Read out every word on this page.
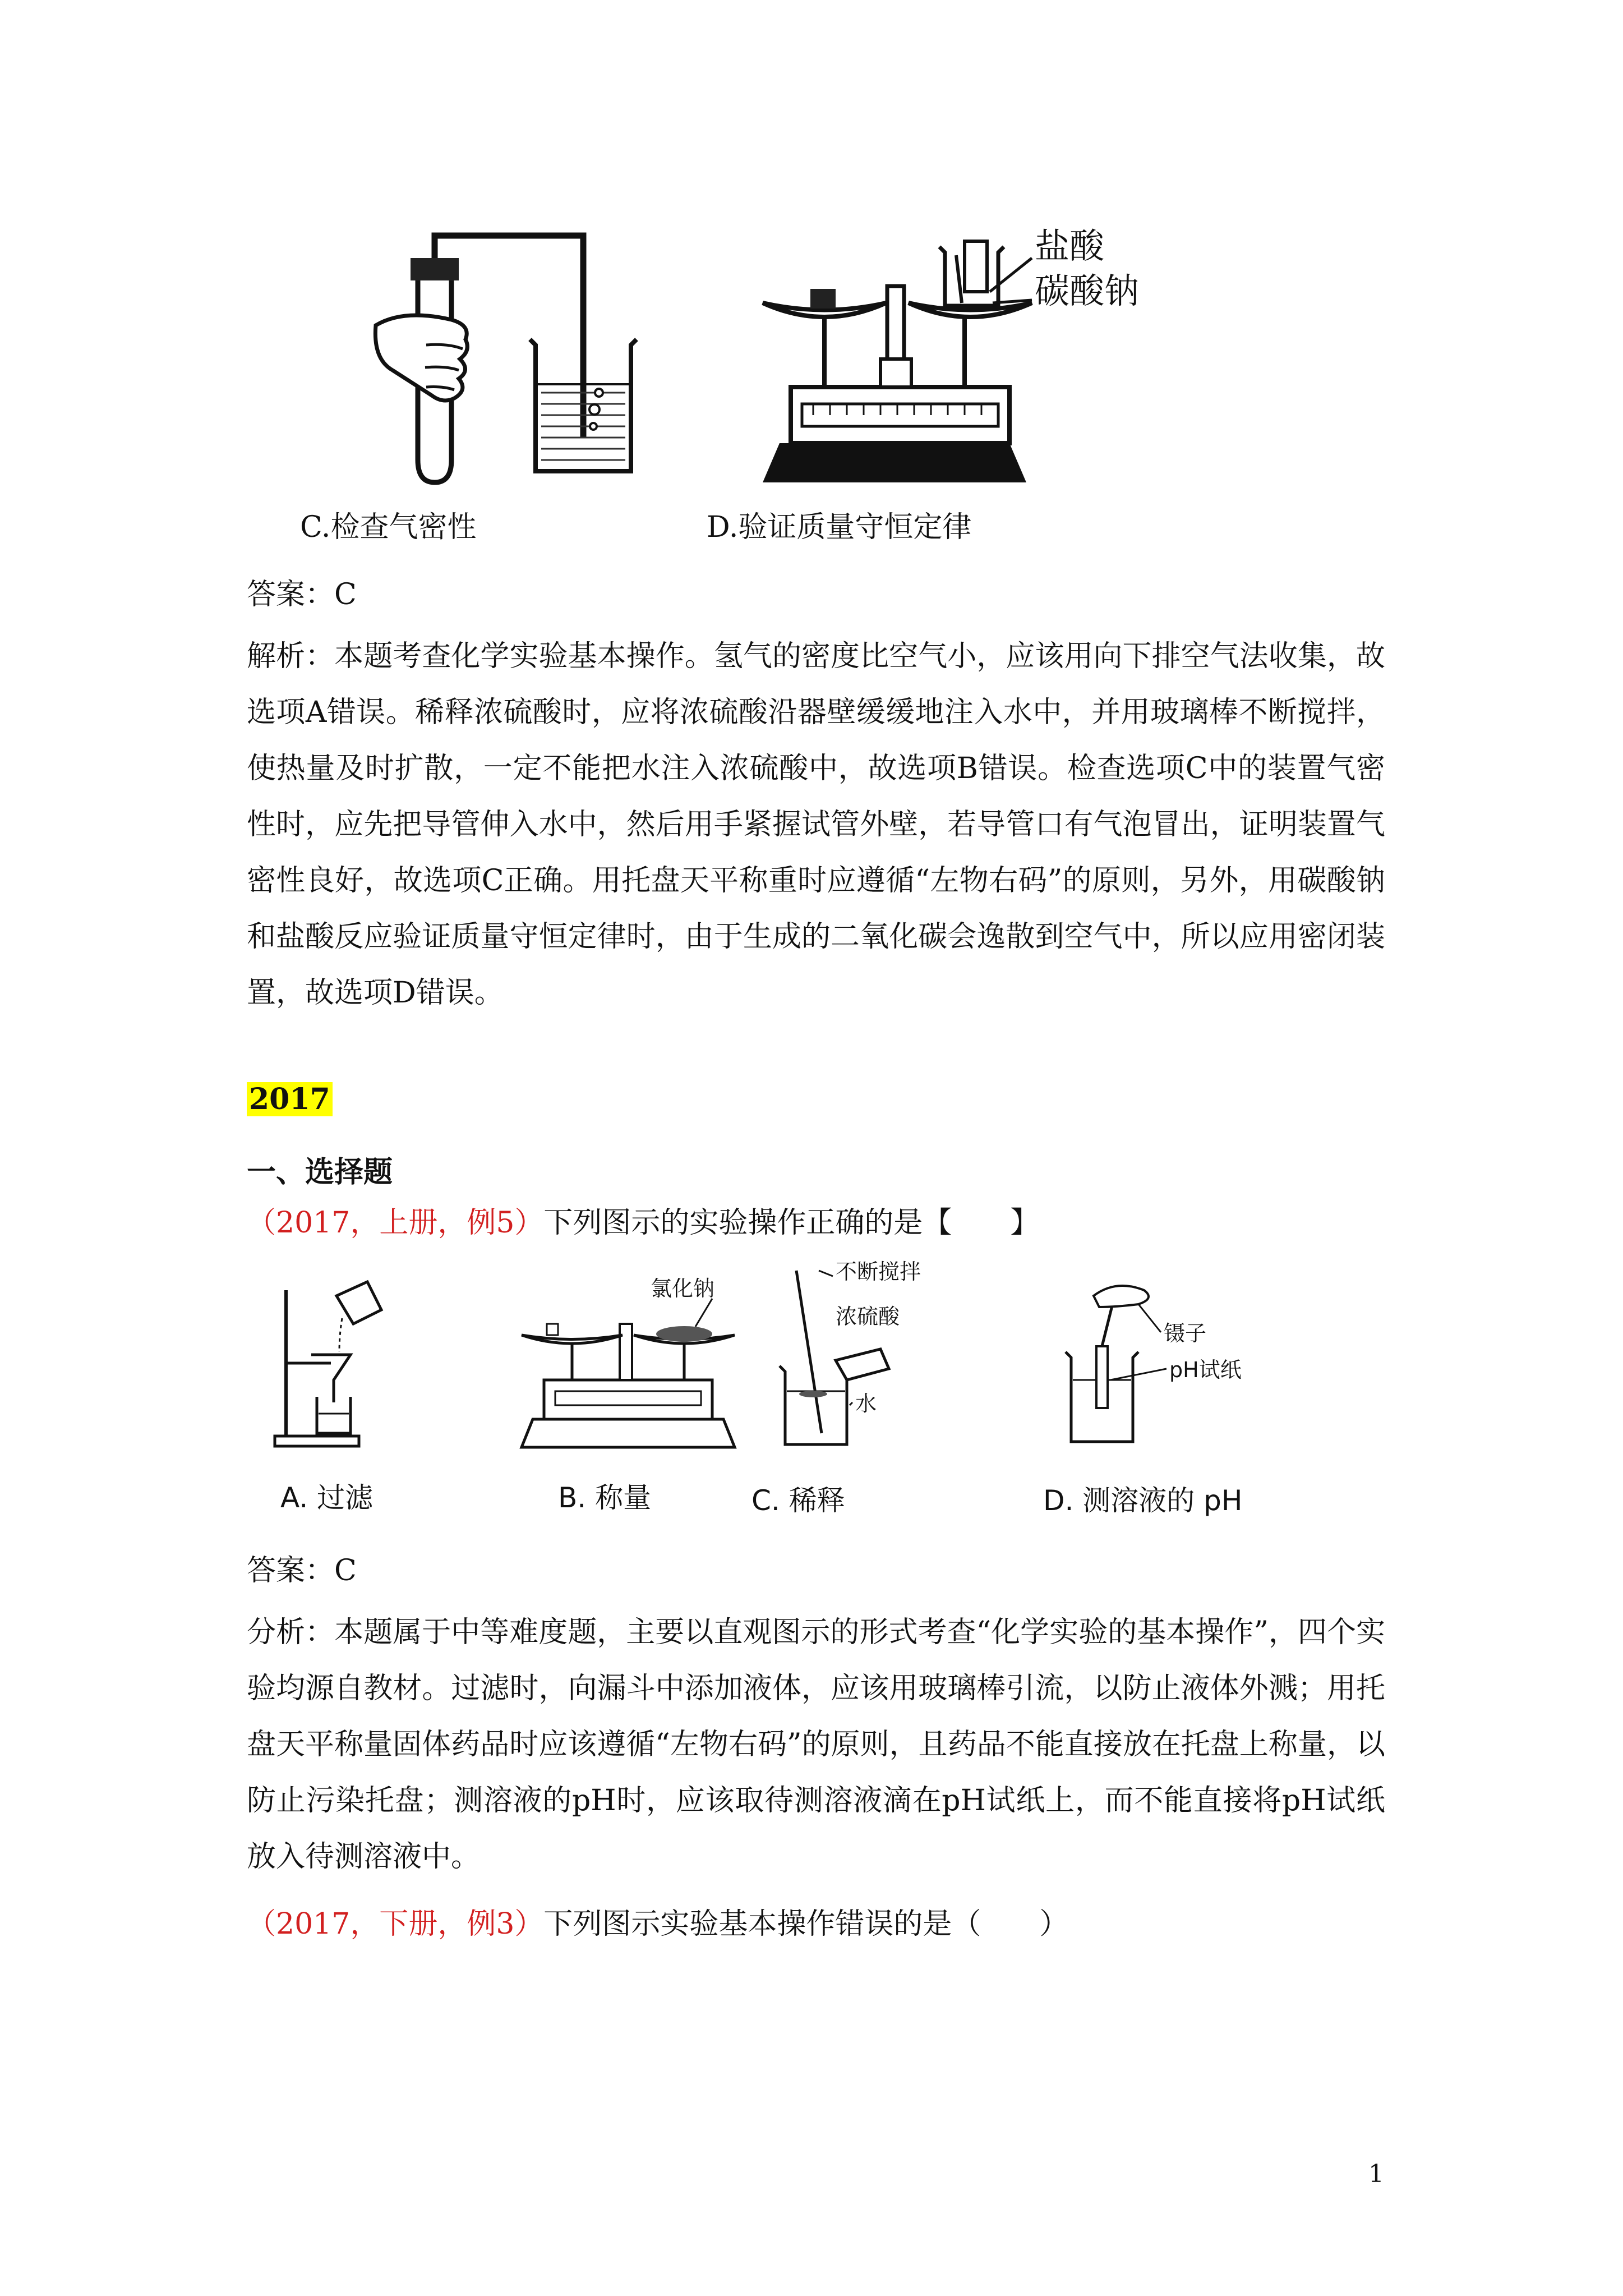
盐酸
碳酸钠
C.检查气密性	D.验证质量守恒定律
答案：C
解析：本题考查化学实验基本操作。氢气的密度比空气小，应该用向下排空气法收集，故选项A错误。稀释浓硫酸时，应将浓硫酸沿器壁缓缓地注入水中，并用玻璃棒不断搅拌，使热量及时扩散，一定不能把水注入浓硫酸中，故选项B错误。检查选项C中的装置气密性时，应先把导管伸入水中，然后用手紧握试管外壁，若导管口有气泡冒出，证明装置气密性良好，故选项C正确。用托盘天平称重时应遵循“左物右码”的原则，另外，用碳酸钠和盐酸反应验证质量守恒定律时，由于生成的二氧化碳会逸散到空气中，所以应用密闭装置，故选项D错误。
2017
一、选择题
（2017，上册，例5）下列图示的实验操作正确的是【　　】
氯化钠
不断搅拌
浓硫酸
水
镊子
pH试纸
A. 过滤	B. 称量	C. 稀释	D. 测溶液的 pH
答案：C
分析：本题属于中等难度题，主要以直观图示的形式考查“化学实验的基本操作”，四个实验均源自教材。过滤时，向漏斗中添加液体，应该用玻璃棒引流，以防止液体外溅；用托盘天平称量固体药品时应该遵循“左物右码”的原则，且药品不能直接放在托盘上称量，以防止污染托盘；测溶液的pH时，应该取待测溶液滴在pH试纸上，而不能直接将pH试纸放入待测溶液中。
（2017，下册，例3）下列图示实验基本操作错误的是（　　）
1
